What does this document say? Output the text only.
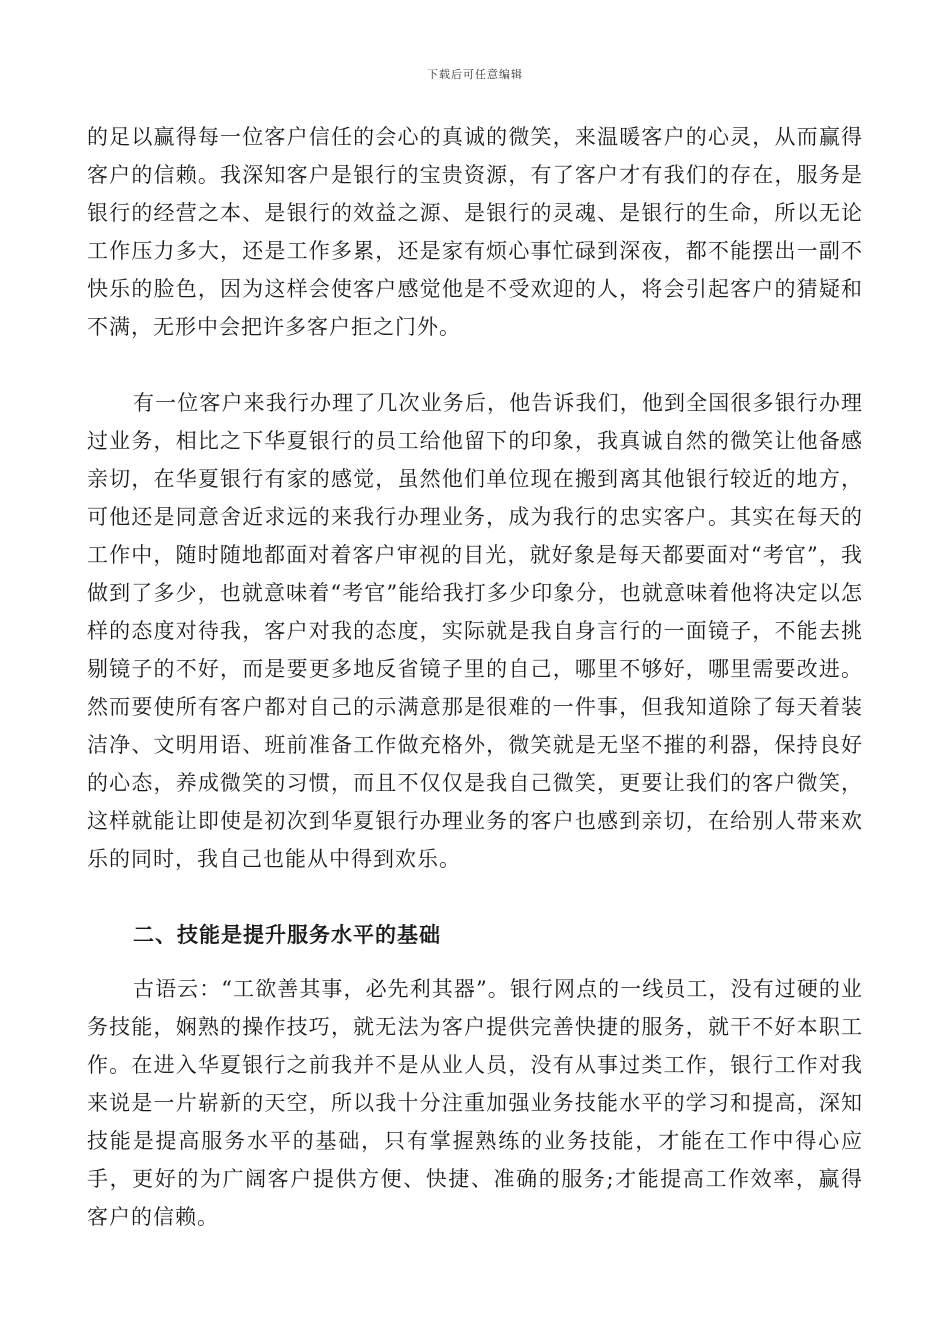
下载后可任意编辑

的足以赢得每一位客户信任的会心的真诚的微笑，来温暖客户的心灵，从而赢得客户的信赖。我深知客户是银行的宝贵资源，有了客户才有我们的存在，服务是银行的经营之本、是银行的效益之源、是银行的灵魂、是银行的生命，所以无论工作压力多大，还是工作多累，还是家有烦心事忙碌到深夜，都不能摆出一副不快乐的脸色，因为这样会使客户感觉他是不受欢迎的人，将会引起客户的猜疑和不满，无形中会把许多客户拒之门外。

有一位客户来我行办理了几次业务后，他告诉我们，他到全国很多银行办理过业务，相比之下华夏银行的员工给他留下的印象，我真诚自然的微笑让他备感亲切，在华夏银行有家的感觉，虽然他们单位现在搬到离其他银行较近的地方，可他还是同意舍近求远的来我行办理业务，成为我行的忠实客户。其实在每天的工作中，随时随地都面对着客户审视的目光，就好象是每天都要面对“考官”，我做到了多少，也就意味着“考官”能给我打多少印象分，也就意味着他将决定以怎样的态度对待我，客户对我的态度，实际就是我自身言行的一面镜子，不能去挑剔镜子的不好，而是要更多地反省镜子里的自己，哪里不够好，哪里需要改进。然而要使所有客户都对自己的示满意那是很难的一件事，但我知道除了每天着装洁净、文明用语、班前准备工作做充格外，微笑就是无坚不摧的利器，保持良好的心态，养成微笑的习惯，而且不仅仅是我自己微笑，更要让我们的客户微笑，这样就能让即使是初次到华夏银行办理业务的客户也感到亲切，在给别人带来欢乐的同时，我自己也能从中得到欢乐。

二、技能是提升服务水平的基础

古语云：“工欲善其事，必先利其器”。银行网点的一线员工，没有过硬的业务技能，娴熟的操作技巧，就无法为客户提供完善快捷的服务，就干不好本职工作。在进入华夏银行之前我并不是从业人员，没有从事过类工作，银行工作对我来说是一片崭新的天空，所以我十分注重加强业务技能水平的学习和提高，深知技能是提高服务水平的基础，只有掌握熟练的业务技能，才能在工作中得心应手，更好的为广阔客户提供方便、快捷、准确的服务;才能提高工作效率，赢得客户的信赖。
